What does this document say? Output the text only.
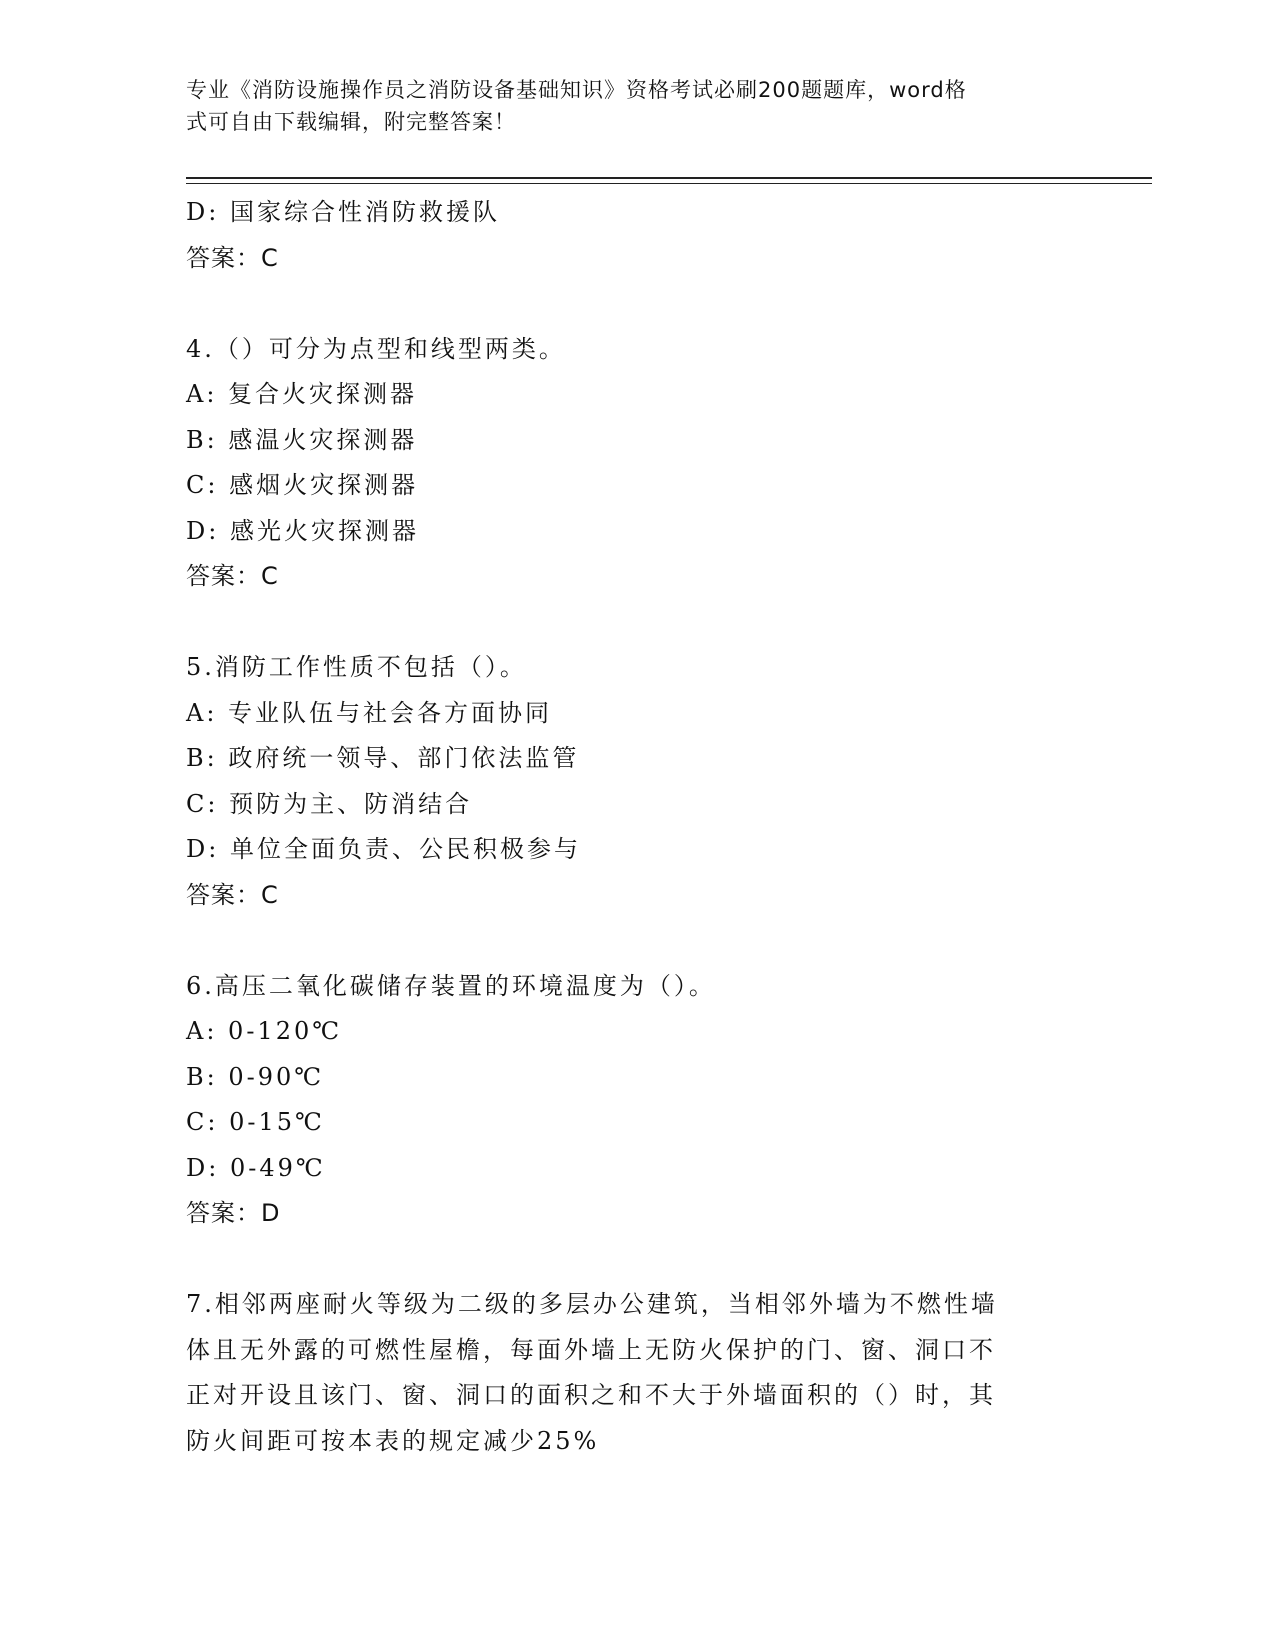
专业《消防设施操作员之消防设备基础知识》资格考试必刷200题题库，word格
式可自由下载编辑，附完整答案！
D: 国家综合性消防救援队
答案：C
4.（）可分为点型和线型两类。
A: 复合火灾探测器
B: 感温火灾探测器
C: 感烟火灾探测器
D: 感光火灾探测器
答案：C
5.消防工作性质不包括（）。
A: 专业队伍与社会各方面协同
B: 政府统一领导、部门依法监管
C: 预防为主、防消结合
D: 单位全面负责、公民积极参与
答案：C
6.高压二氧化碳储存装置的环境温度为（）。
A: 0-120℃
B: 0-90℃
C: 0-15℃
D: 0-49℃
答案：D
7.相邻两座耐火等级为二级的多层办公建筑，当相邻外墙为不燃性墙
体且无外露的可燃性屋檐，每面外墙上无防火保护的门、窗、洞口不
正对开设且该门、窗、洞口的面积之和不大于外墙面积的（）时，其
防火间距可按本表的规定减少25%
